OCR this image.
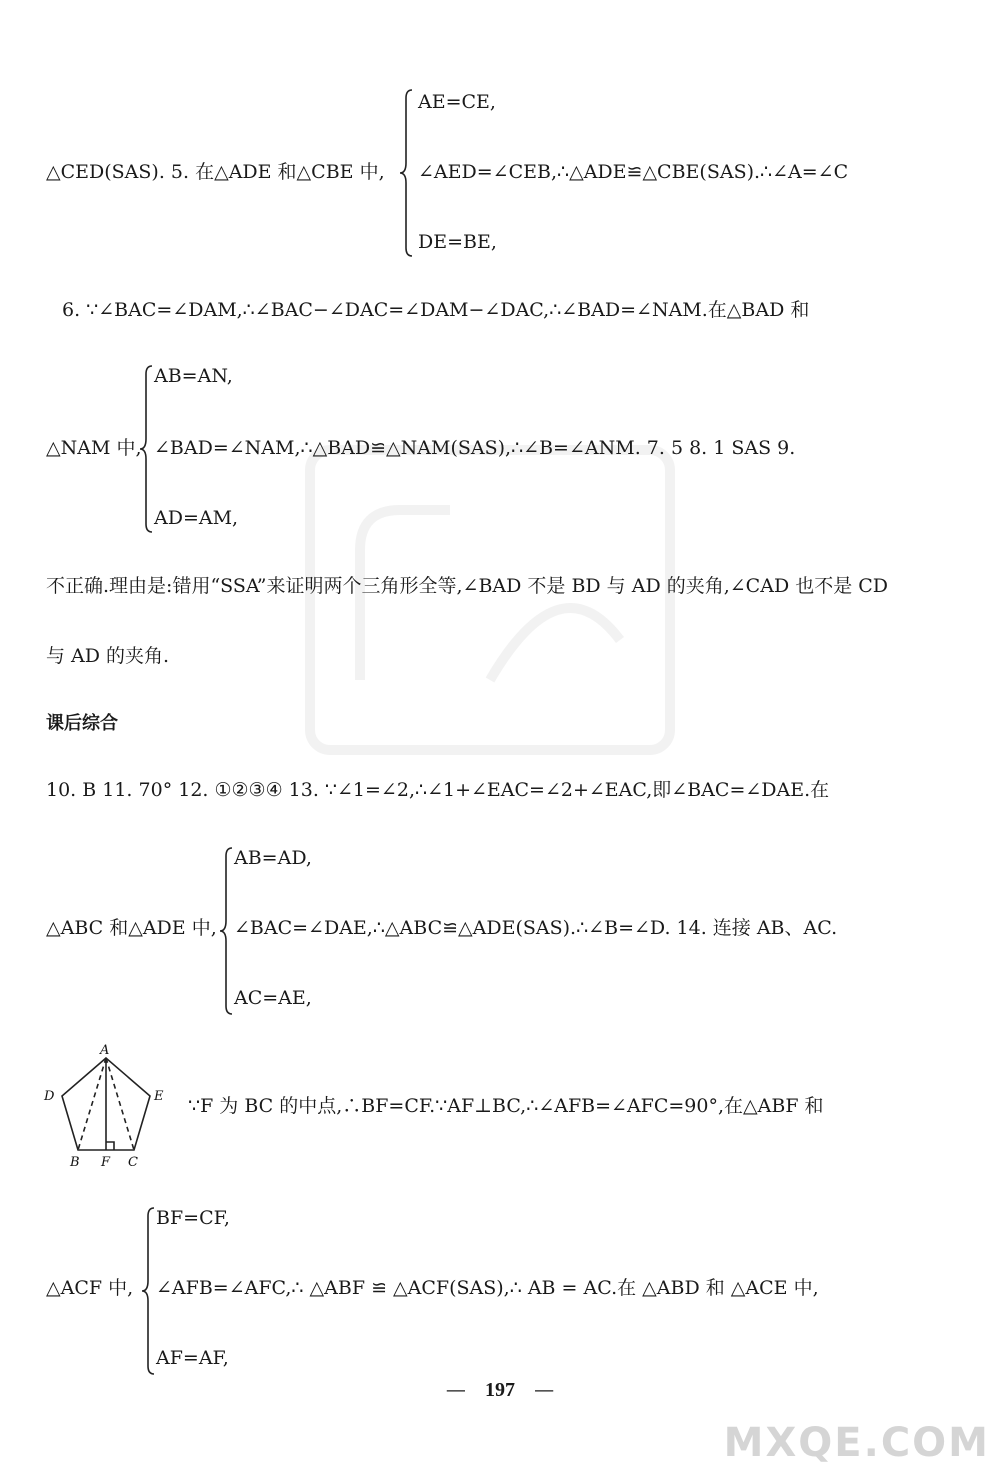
AE=CE,
△CED(SAS). 5. 在△ADE 和△CBE 中, ∠AED=∠CEB,∴△ADE≌△CBE(SAS).∴∠A=∠C
DE=BE,
6. ∵∠BAC=∠DAM,∴∠BAC−∠DAC=∠DAM−∠DAC,∴∠BAD=∠NAM.在△BAD 和
AB=AN,
△NAM 中, ∠BAD=∠NAM,∴△BAD≌△NAM(SAS),∴∠B=∠ANM. 7. 5 8. 1 SAS 9.
AD=AM,
不正确.理由是:错用“SSA”来证明两个三角形全等,∠BAD 不是 BD 与 AD 的夹角,∠CAD 也不是 CD
与 AD 的夹角.
课后综合
10. B 11. 70° 12. ①②③④ 13. ∵∠1=∠2,∴∠1+∠EAC=∠2+∠EAC,即∠BAC=∠DAE.在
AB=AD,
△ABC 和△ADE 中, ∠BAC=∠DAE,∴△ABC≌△ADE(SAS).∴∠B=∠D. 14. 连接 AB、AC.
AC=AE,
A
D	E
B F C
∵F 为 BC 的中点,∴BF=CF.∵AF⊥BC,∴∠AFB=∠AFC=90°,在△ABF 和
BF=CF,
△ACF 中, ∠AFB=∠AFC,∴ △ABF ≌ △ACF(SAS),∴ AB = AC.在 △ABD 和 △ACE 中,
AF=AF,
— 197 —
MXQE.COM
